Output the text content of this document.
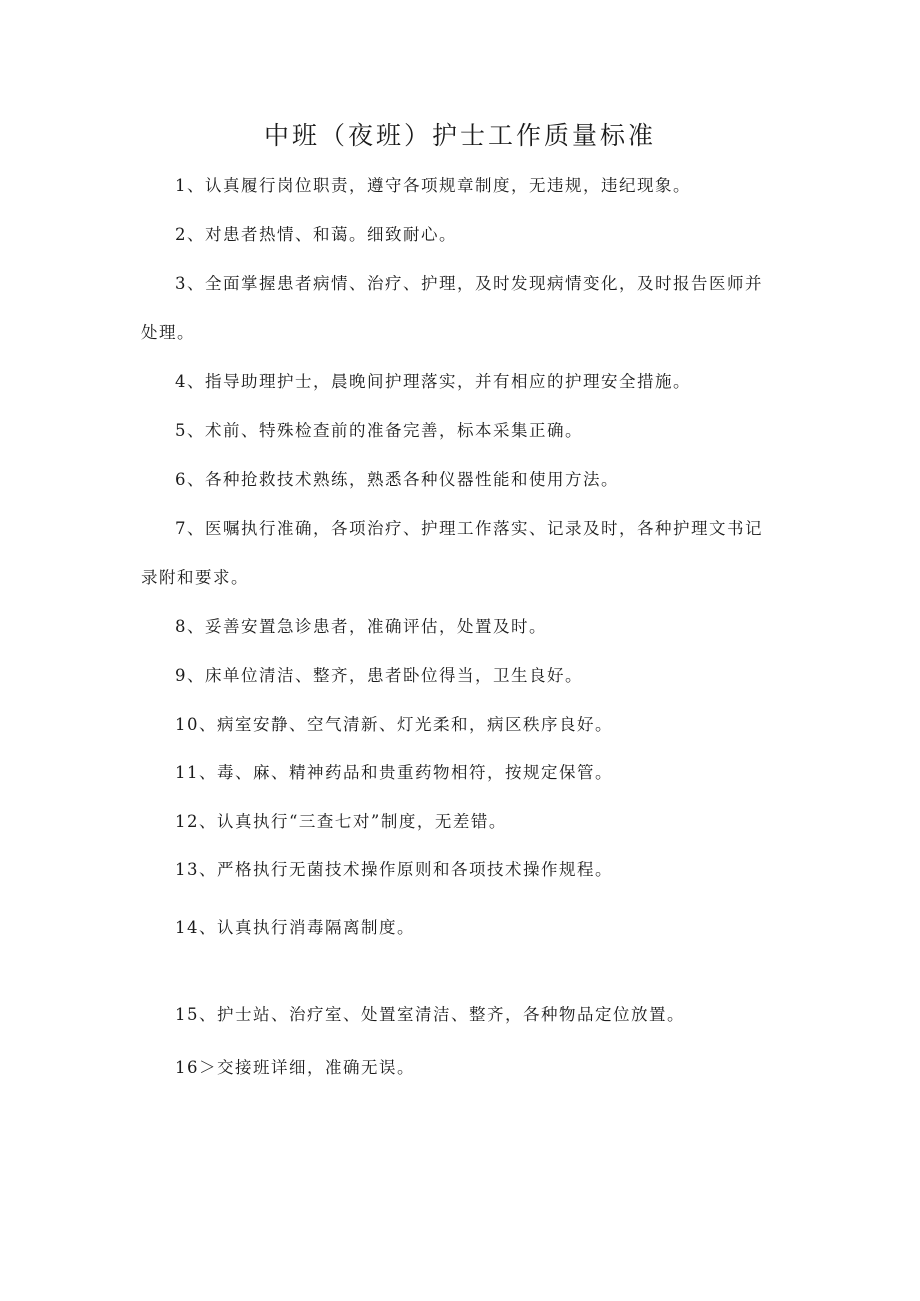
中班（夜班）护士工作质量标准
1、认真履行岗位职责，遵守各项规章制度，无违规，违纪现象。
2、对患者热情、和蔼。细致耐心。
3、全面掌握患者病情、治疗、护理，及时发现病情变化，及时报告医师并
处理。
4、指导助理护士，晨晚间护理落实，并有相应的护理安全措施。
5、术前、特殊检查前的准备完善，标本采集正确。
6、各种抢救技术熟练，熟悉各种仪器性能和使用方法。
7、医嘱执行准确，各项治疗、护理工作落实、记录及时，各种护理文书记
录附和要求。
8、妥善安置急诊患者，准确评估，处置及时。
9、床单位清洁、整齐，患者卧位得当，卫生良好。
10、病室安静、空气清新、灯光柔和，病区秩序良好。
11、毒、麻、精神药品和贵重药物相符，按规定保管。
12、认真执行“三查七对”制度，无差错。
13、严格执行无菌技术操作原则和各项技术操作规程。
14、认真执行消毒隔离制度。
15、护士站、治疗室、处置室清洁、整齐，各种物品定位放置。
16＞交接班详细，准确无误。
